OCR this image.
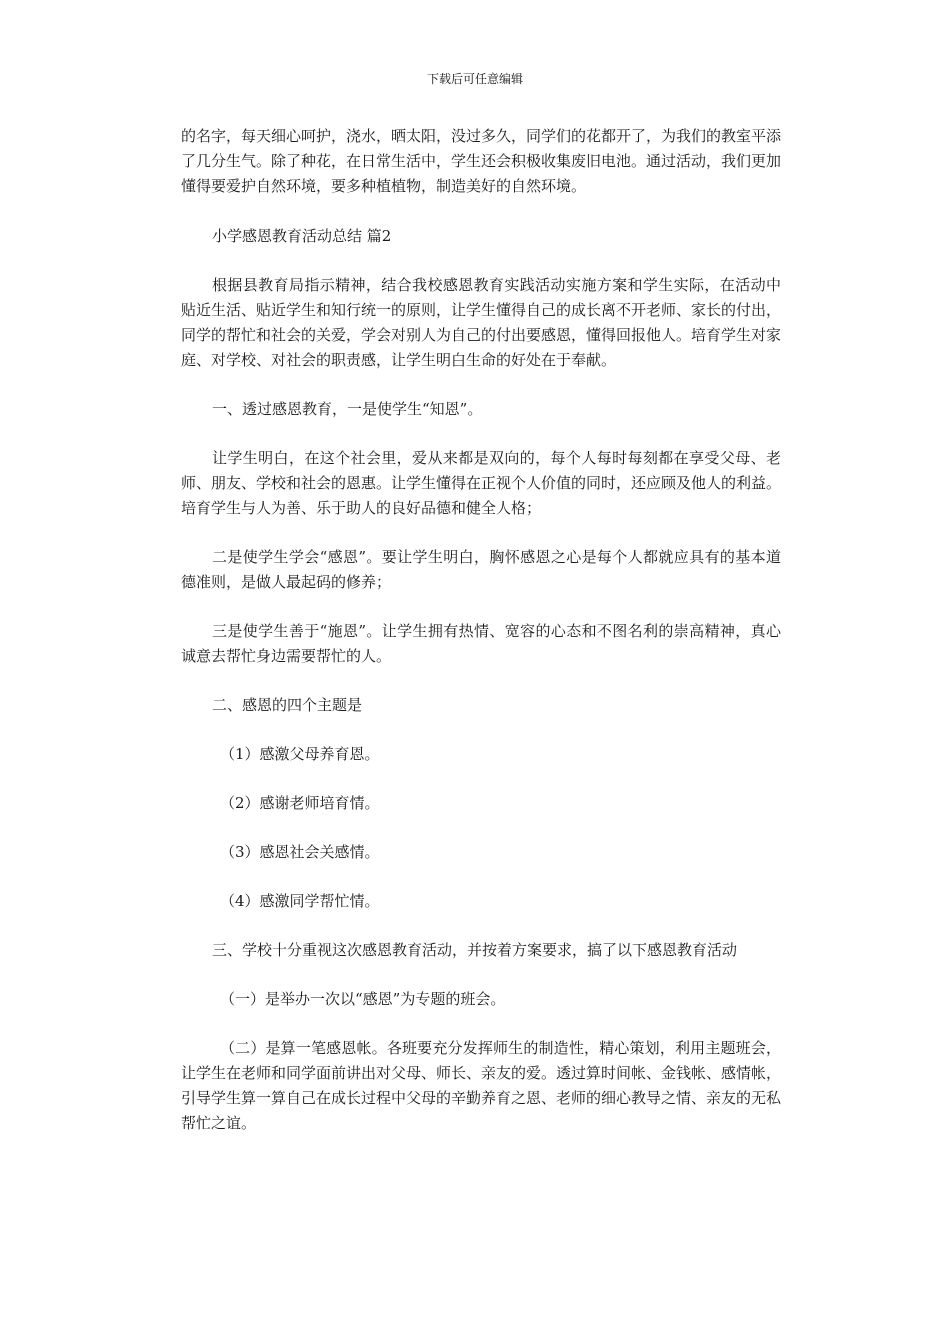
下载后可任意编辑

的名字，每天细心呵护，浇水，晒太阳，没过多久，同学们的花都开了，为我们的教室平添了几分生气。除了种花，在日常生活中，学生还会积极收集废旧电池。通过活动，我们更加懂得要爱护自然环境，要多种植植物，制造美好的自然环境。

小学感恩教育活动总结 篇2

根据县教育局指示精神，结合我校感恩教育实践活动实施方案和学生实际，在活动中贴近生活、贴近学生和知行统一的原则，让学生懂得自己的成长离不开老师、家长的付出，同学的帮忙和社会的关爱，学会对别人为自己的付出要感恩，懂得回报他人。培育学生对家庭、对学校、对社会的职责感，让学生明白生命的好处在于奉献。

一、透过感恩教育，一是使学生“知恩”。

让学生明白，在这个社会里，爱从来都是双向的，每个人每时每刻都在享受父母、老师、朋友、学校和社会的恩惠。让学生懂得在正视个人价值的同时，还应顾及他人的利益。培育学生与人为善、乐于助人的良好品德和健全人格；

二是使学生学会“感恩”。要让学生明白，胸怀感恩之心是每个人都就应具有的基本道德准则，是做人最起码的修养；

三是使学生善于“施恩”。让学生拥有热情、宽容的心态和不图名利的崇高精神，真心诚意去帮忙身边需要帮忙的人。

二、感恩的四个主题是

（1）感激父母养育恩。

（2）感谢老师培育情。

（3）感恩社会关感情。

（4）感激同学帮忙情。

三、学校十分重视这次感恩教育活动，并按着方案要求，搞了以下感恩教育活动

（一）是举办一次以“感恩”为专题的班会。

（二）是算一笔感恩帐。各班要充分发挥师生的制造性，精心策划，利用主题班会，让学生在老师和同学面前讲出对父母、师长、亲友的爱。透过算时间帐、金钱帐、感情帐，引导学生算一算自己在成长过程中父母的辛勤养育之恩、老师的细心教导之情、亲友的无私帮忙之谊。
